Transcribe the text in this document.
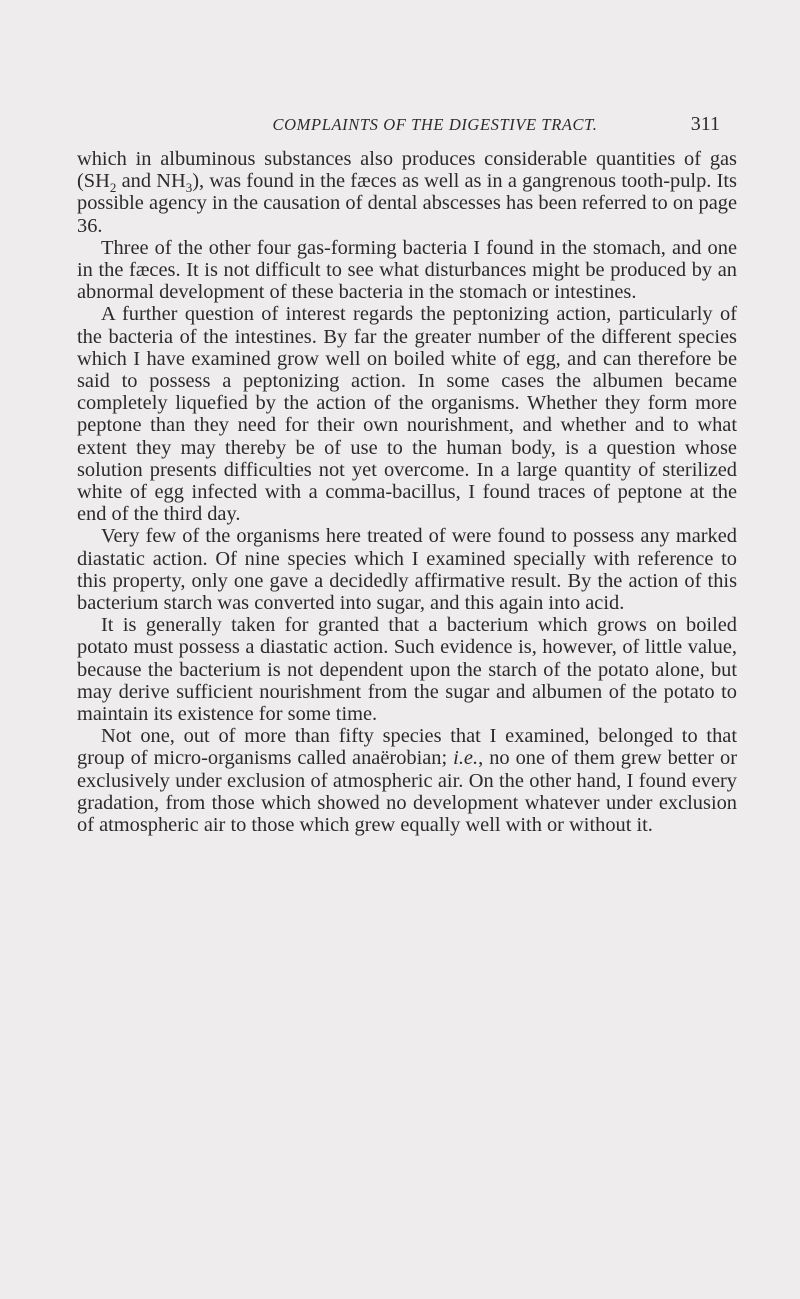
COMPLAINTS OF THE DIGESTIVE TRACT.	311

which in albuminous substances also produces considerable quantities of gas ($SH_2$ and $NH_3$), was found in the fæces as well as in a gangrenous tooth-pulp. Its possible agency in the causation of dental abscesses has been referred to on page 36.

Three of the other four gas-forming bacteria I found in the stomach, and one in the fæces. It is not difficult to see what disturbances might be produced by an abnormal development of these bacteria in the stomach or intestines.

A further question of interest regards the peptonizing action, particularly of the bacteria of the intestines. By far the greater number of the different species which I have examined grow well on boiled white of egg, and can therefore be said to possess a peptonizing action. In some cases the albumen became completely liquefied by the action of the organisms. Whether they form more peptone than they need for their own nourishment, and whether and to what extent they may thereby be of use to the human body, is a question whose solution presents difficulties not yet overcome. In a large quantity of sterilized white of egg infected with a comma-bacillus, I found traces of peptone at the end of the third day.

Very few of the organisms here treated of were found to possess any marked diastatic action. Of nine species which I examined specially with reference to this property, only one gave a decidedly affirmative result. By the action of this bacterium starch was converted into sugar, and this again into acid.

It is generally taken for granted that a bacterium which grows on boiled potato must possess a diastatic action. Such evidence is, however, of little value, because the bacterium is not dependent upon the starch of the potato alone, but may derive sufficient nourishment from the sugar and albumen of the potato to maintain its existence for some time.

Not one, out of more than fifty species that I examined, belonged to that group of micro-organisms called anaërobian; i.e., no one of them grew better or exclusively under exclusion of atmospheric air. On the other hand, I found every gradation, from those which showed no development whatever under exclusion of atmospheric air to those which grew equally well with or without it.
